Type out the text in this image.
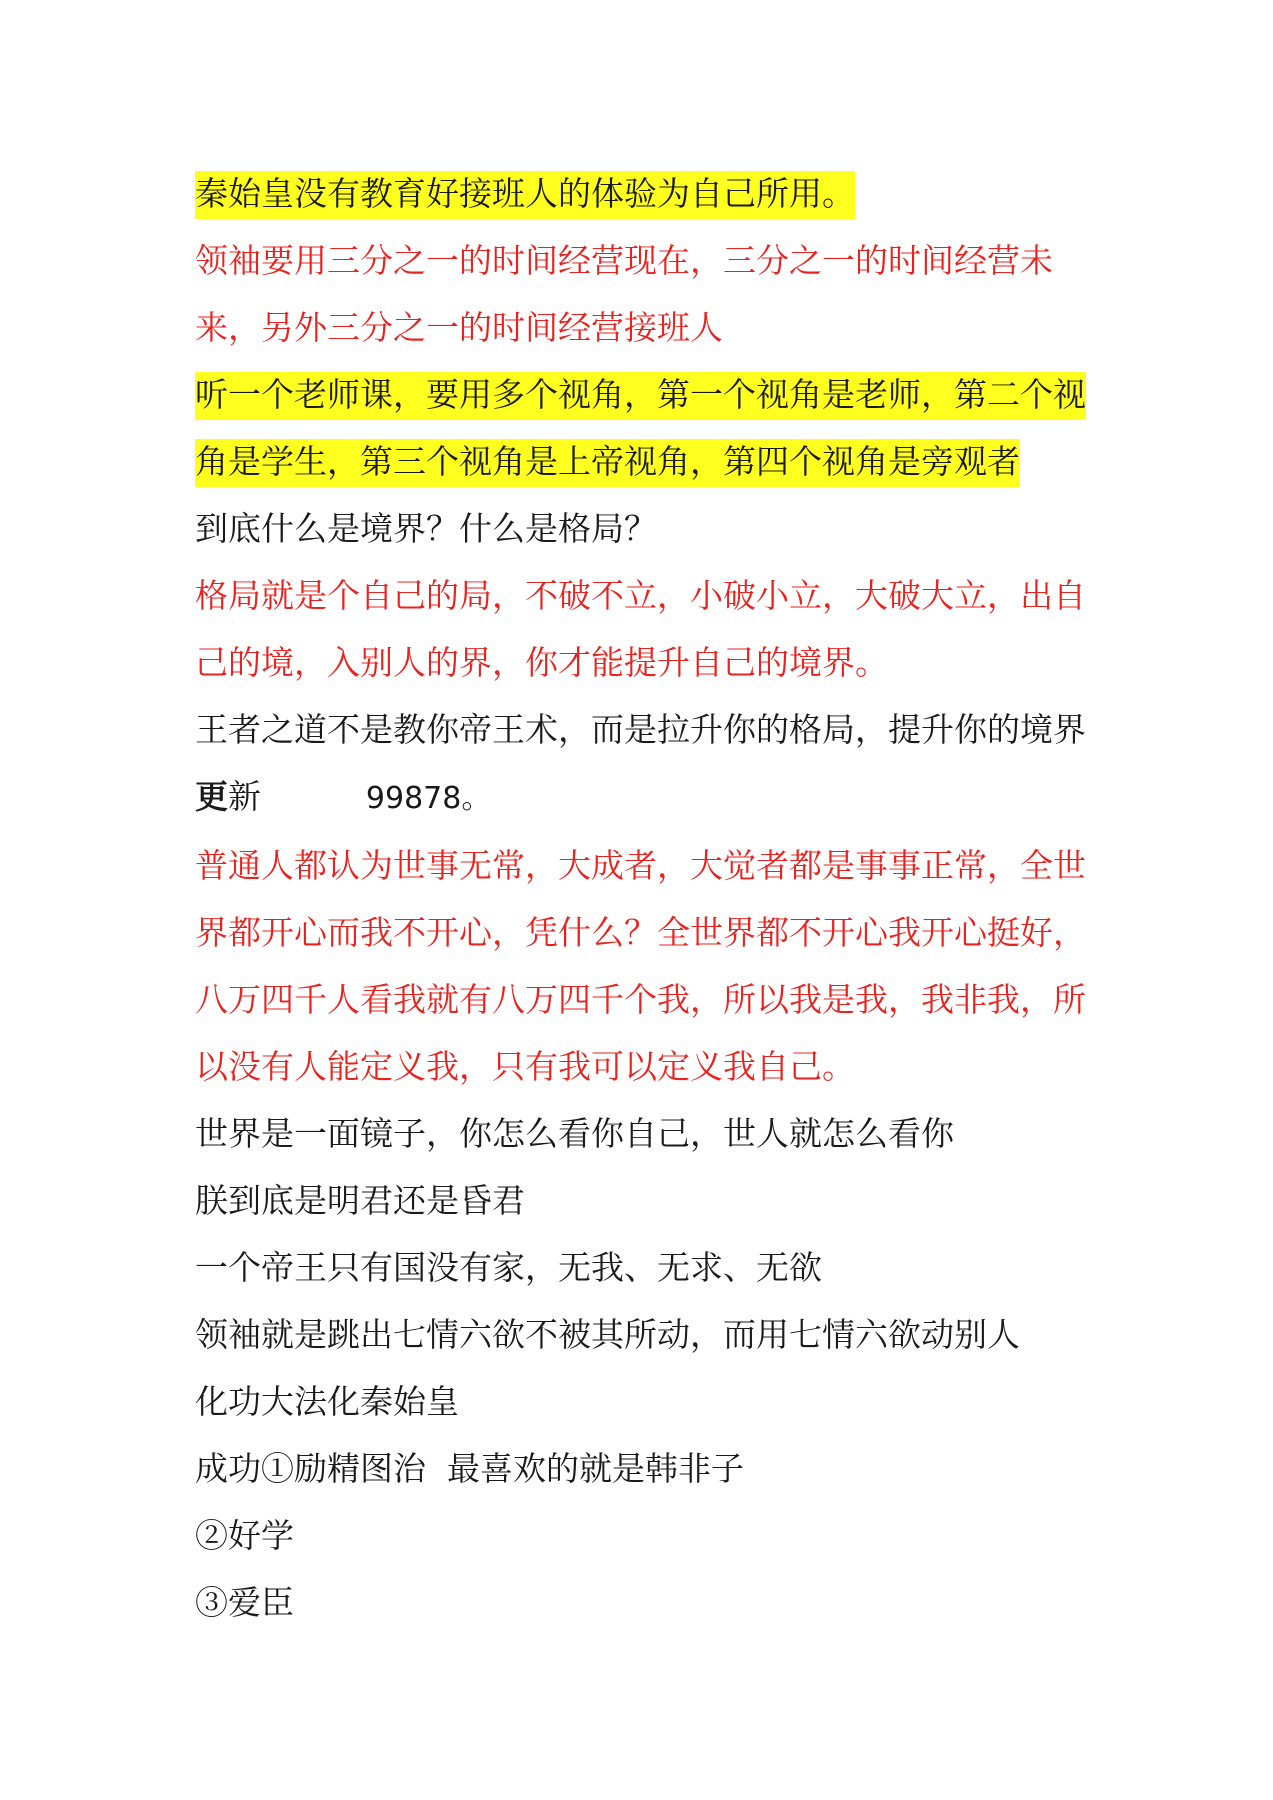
秦始皇没有教育好接班人的体验为自己所用。

领袖要用三分之一的时间经营现在，三分之一的时间经营未来，另外三分之一的时间经营接班人

听一个老师课，要用多个视角，第一个视角是老师，第二个视角是学生，第三个视角是上帝视角，第四个视角是旁观者

到底什么是境界？什么是格局？

格局就是个自己的局，不破不立，小破小立，大破大立，出自己的境，入别人的界，你才能提升自己的境界。

王者之道不是教你帝王术，而是拉升你的格局，提升你的境界更新           99878。

普通人都认为世事无常，大成者，大觉者都是事事正常，全世界都开心而我不开心，凭什么？全世界都不开心我开心挺好，八万四千人看我就有八万四千个我，所以我是我，我非我，所以没有人能定义我，只有我可以定义我自己。

世界是一面镜子，你怎么看你自己，世人就怎么看你

朕到底是明君还是昏君

一个帝王只有国没有家，无我、无求、无欲

领袖就是跳出七情六欲不被其所动，而用七情六欲动别人

化功大法化秦始皇

成功①励精图治  最喜欢的就是韩非子

②好学

③爱臣
